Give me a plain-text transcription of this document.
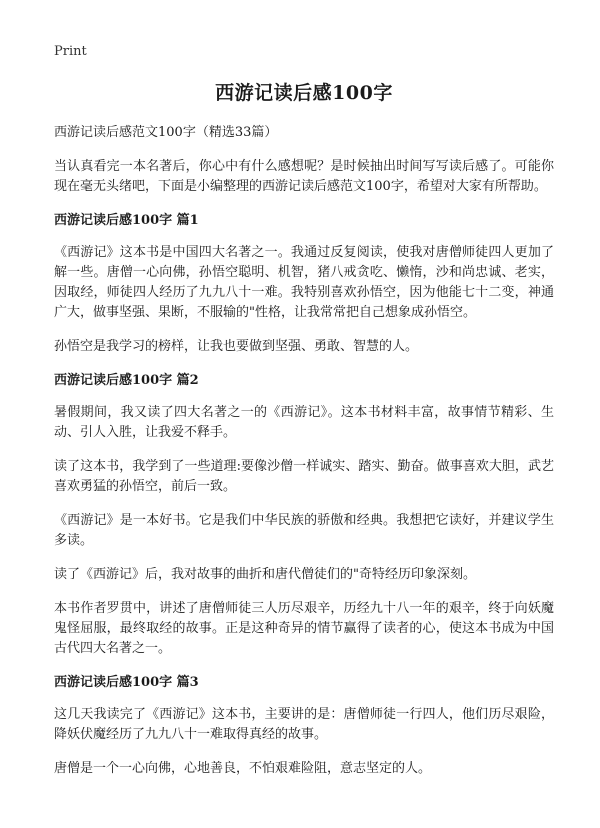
Print
西游记读后感100字
西游记读后感范文100字（精选33篇）

当认真看完一本名著后，你心中有什么感想呢？是时候抽出时间写写读后感了。可能你现在毫无头绪吧，下面是小编整理的西游记读后感范文100字，希望对大家有所帮助。

西游记读后感100字 篇1

《西游记》这本书是中国四大名著之一。我通过反复阅读，使我对唐僧师徒四人更加了解一些。唐僧一心向佛，孙悟空聪明、机智，猪八戒贪吃、懒惰，沙和尚忠诚、老实，因取经，师徒四人经历了九九八十一难。我特别喜欢孙悟空，因为他能七十二变，神通广大，做事坚强、果断，不服输的"性格，让我常常把自己想象成孙悟空。

孙悟空是我学习的榜样，让我也要做到坚强、勇敢、智慧的人。

西游记读后感100字 篇2

暑假期间，我又读了四大名著之一的《西游记》。这本书材料丰富，故事情节精彩、生动、引人入胜，让我爱不释手。

读了这本书，我学到了一些道理:要像沙僧一样诚实、踏实、勤奋。做事喜欢大胆，武艺喜欢勇猛的孙悟空，前后一致。

《西游记》是一本好书。它是我们中华民族的骄傲和经典。我想把它读好，并建议学生多读。

读了《西游记》后，我对故事的曲折和唐代僧徒们的"奇特经历印象深刻。

本书作者罗贯中，讲述了唐僧师徒三人历尽艰辛，历经九十八一年的艰辛，终于向妖魔鬼怪屈服，最终取经的故事。正是这种奇异的情节赢得了读者的心，使这本书成为中国古代四大名著之一。

西游记读后感100字 篇3

这几天我读完了《西游记》这本书，主要讲的是：唐僧师徒一行四人，他们历尽艰险，降妖伏魔经历了九九八十一难取得真经的故事。

唐僧是一个一心向佛，心地善良，不怕艰难险阻，意志坚定的人。
